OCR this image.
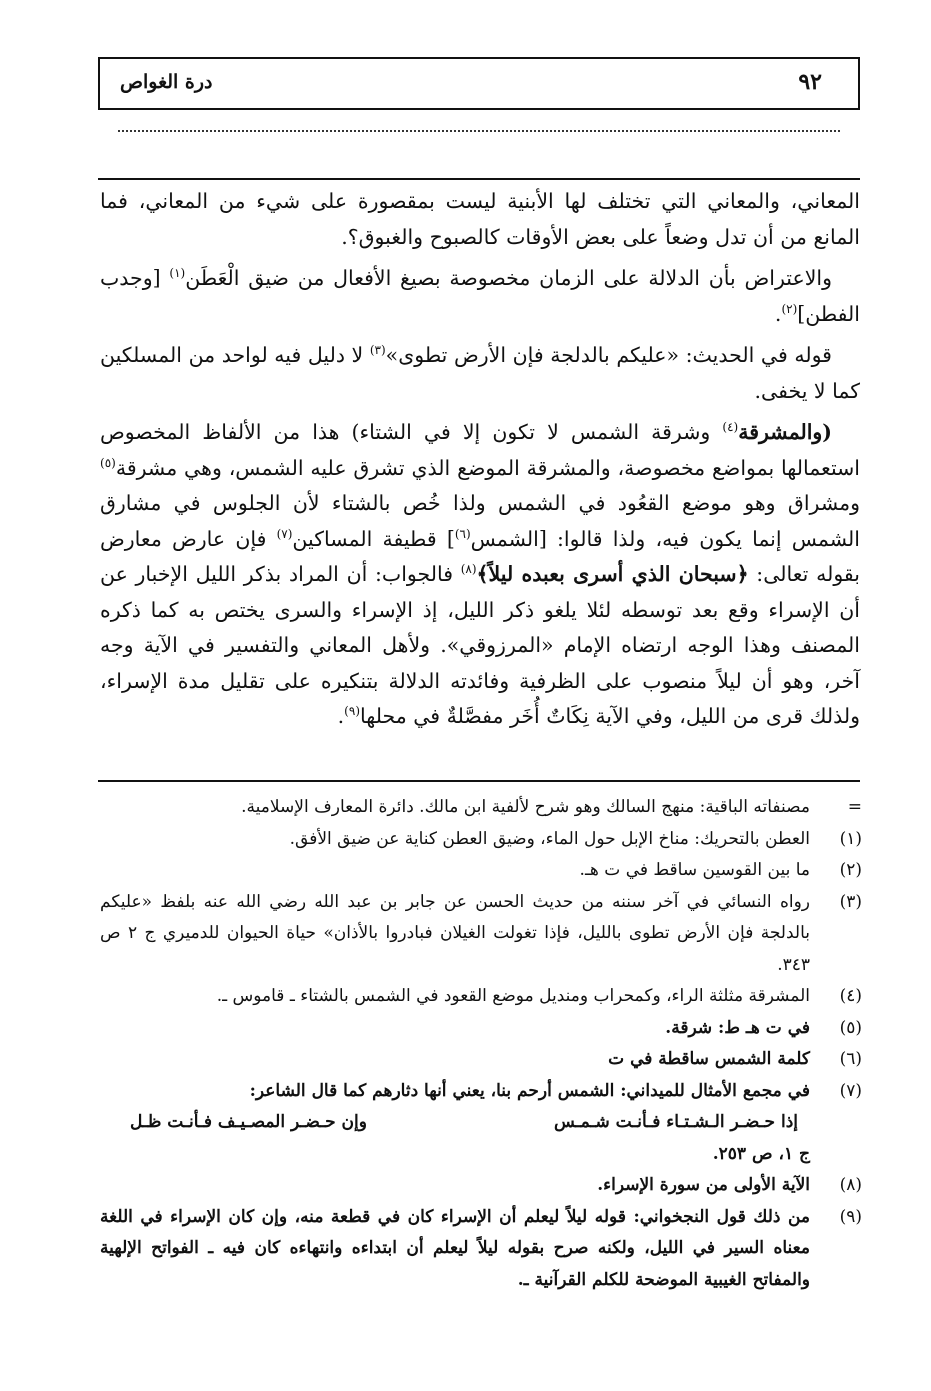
٩٢
درة الغواص

المعاني، والمعاني التي تختلف لها الأبنية ليست بمقصورة على شيء من المعاني، فما المانع من أن تدل وضعاً على بعض الأوقات كالصبوح والغبوق؟.

والاعتراض بأن الدلالة على الزمان مخصوصة بصيغ الأفعال من ضيق الْعَطَن$^{(١)}$ [وجدب الفطن]$^{(٢)}$.

قوله في الحديث: «عليكم بالدلجة فإن الأرض تطوى»$^{(٣)}$ لا دليل فيه لواحد من المسلكين كما لا يخفى.

(والمشرقة$^{(٤)}$ وشرقة الشمس لا تكون إلا في الشتاء) هذا من الألفاظ المخصوص استعمالها بمواضع مخصوصة، والمشرقة الموضع الذي تشرق عليه الشمس، وهي مشرقة$^{(٥)}$ ومشراق وهو موضع القعُود في الشمس ولذا خُص بالشتاء لأن الجلوس في مشارق الشمس إنما يكون فيه، ولذا قالوا: [الشمس$^{(٦)}$] قطيفة المساكين$^{(٧)}$ فإن عارض معارض بقوله تعالى: ﴿سبحان الذي أسرى بعبده ليلاً﴾$^{(٨)}$ فالجواب: أن المراد بذكر الليل الإخبار عن أن الإسراء وقع بعد توسطه لئلا يلغو ذكر الليل، إذ الإسراء والسرى يختص به كما ذكره المصنف وهذا الوجه ارتضاه الإمام «المرزوقي». ولأهل المعاني والتفسير في الآية وجه آخر، وهو أن ليلاً منصوب على الظرفية وفائدته الدلالة بتنكيره على تقليل مدة الإسراء، ولذلك قرى من الليل، وفي الآية نِكَاتٌ أُخَر مفصَّلةٌ في محلها$^{(٩)}$.

=
مصنفاته الباقية: منهج السالك وهو شرح لألفية ابن مالك. دائرة المعارف الإسلامية.
(١)
العطن بالتحريك: مناخ الإبل حول الماء، وضيق العطن كناية عن ضيق الأفق.
(٢)
ما بين القوسين ساقط في ت هـ.
(٣)
رواه النسائي في آخر سننه من حديث الحسن عن جابر بن عبد الله رضي الله عنه بلفظ «عليكم بالدلجة فإن الأرض تطوى بالليل، فإذا تغولت الغيلان فبادروا بالأذان» حياة الحيوان للدميري ج ٢ ص ٣٤٣.
(٤)
المشرقة مثلثة الراء، وكمحراب ومنديل موضع القعود في الشمس بالشتاء ـ قاموس ـ.
(٥)
في ت هـ ط: شرقة.
(٦)
كلمة الشمس ساقطة في ت
(٧)
في مجمع الأمثال للميداني: الشمس أرحم بنا، يعني أنها دثارهم كما قال الشاعر:
إذا حـضـر الـشـتـاء فـأنـت شـمـس
وإن حـضـر المصـيـف فـأنـت ظـل
ج ١، ص ٢٥٣.
(٨)
الآية الأولى من سورة الإسراء.
(٩)
من ذلك قول النجخواني: قوله ليلاً ليعلم أن الإسراء كان في قطعة منه، وإن كان الإسراء في اللغة معناه السير في الليل، ولكنه صرح بقوله ليلاً ليعلم أن ابتداءه وانتهاءه كان فيه ـ الفواتح الإلهية والمفاتح الغيبية الموضحة للكلم القرآنية ـ.
